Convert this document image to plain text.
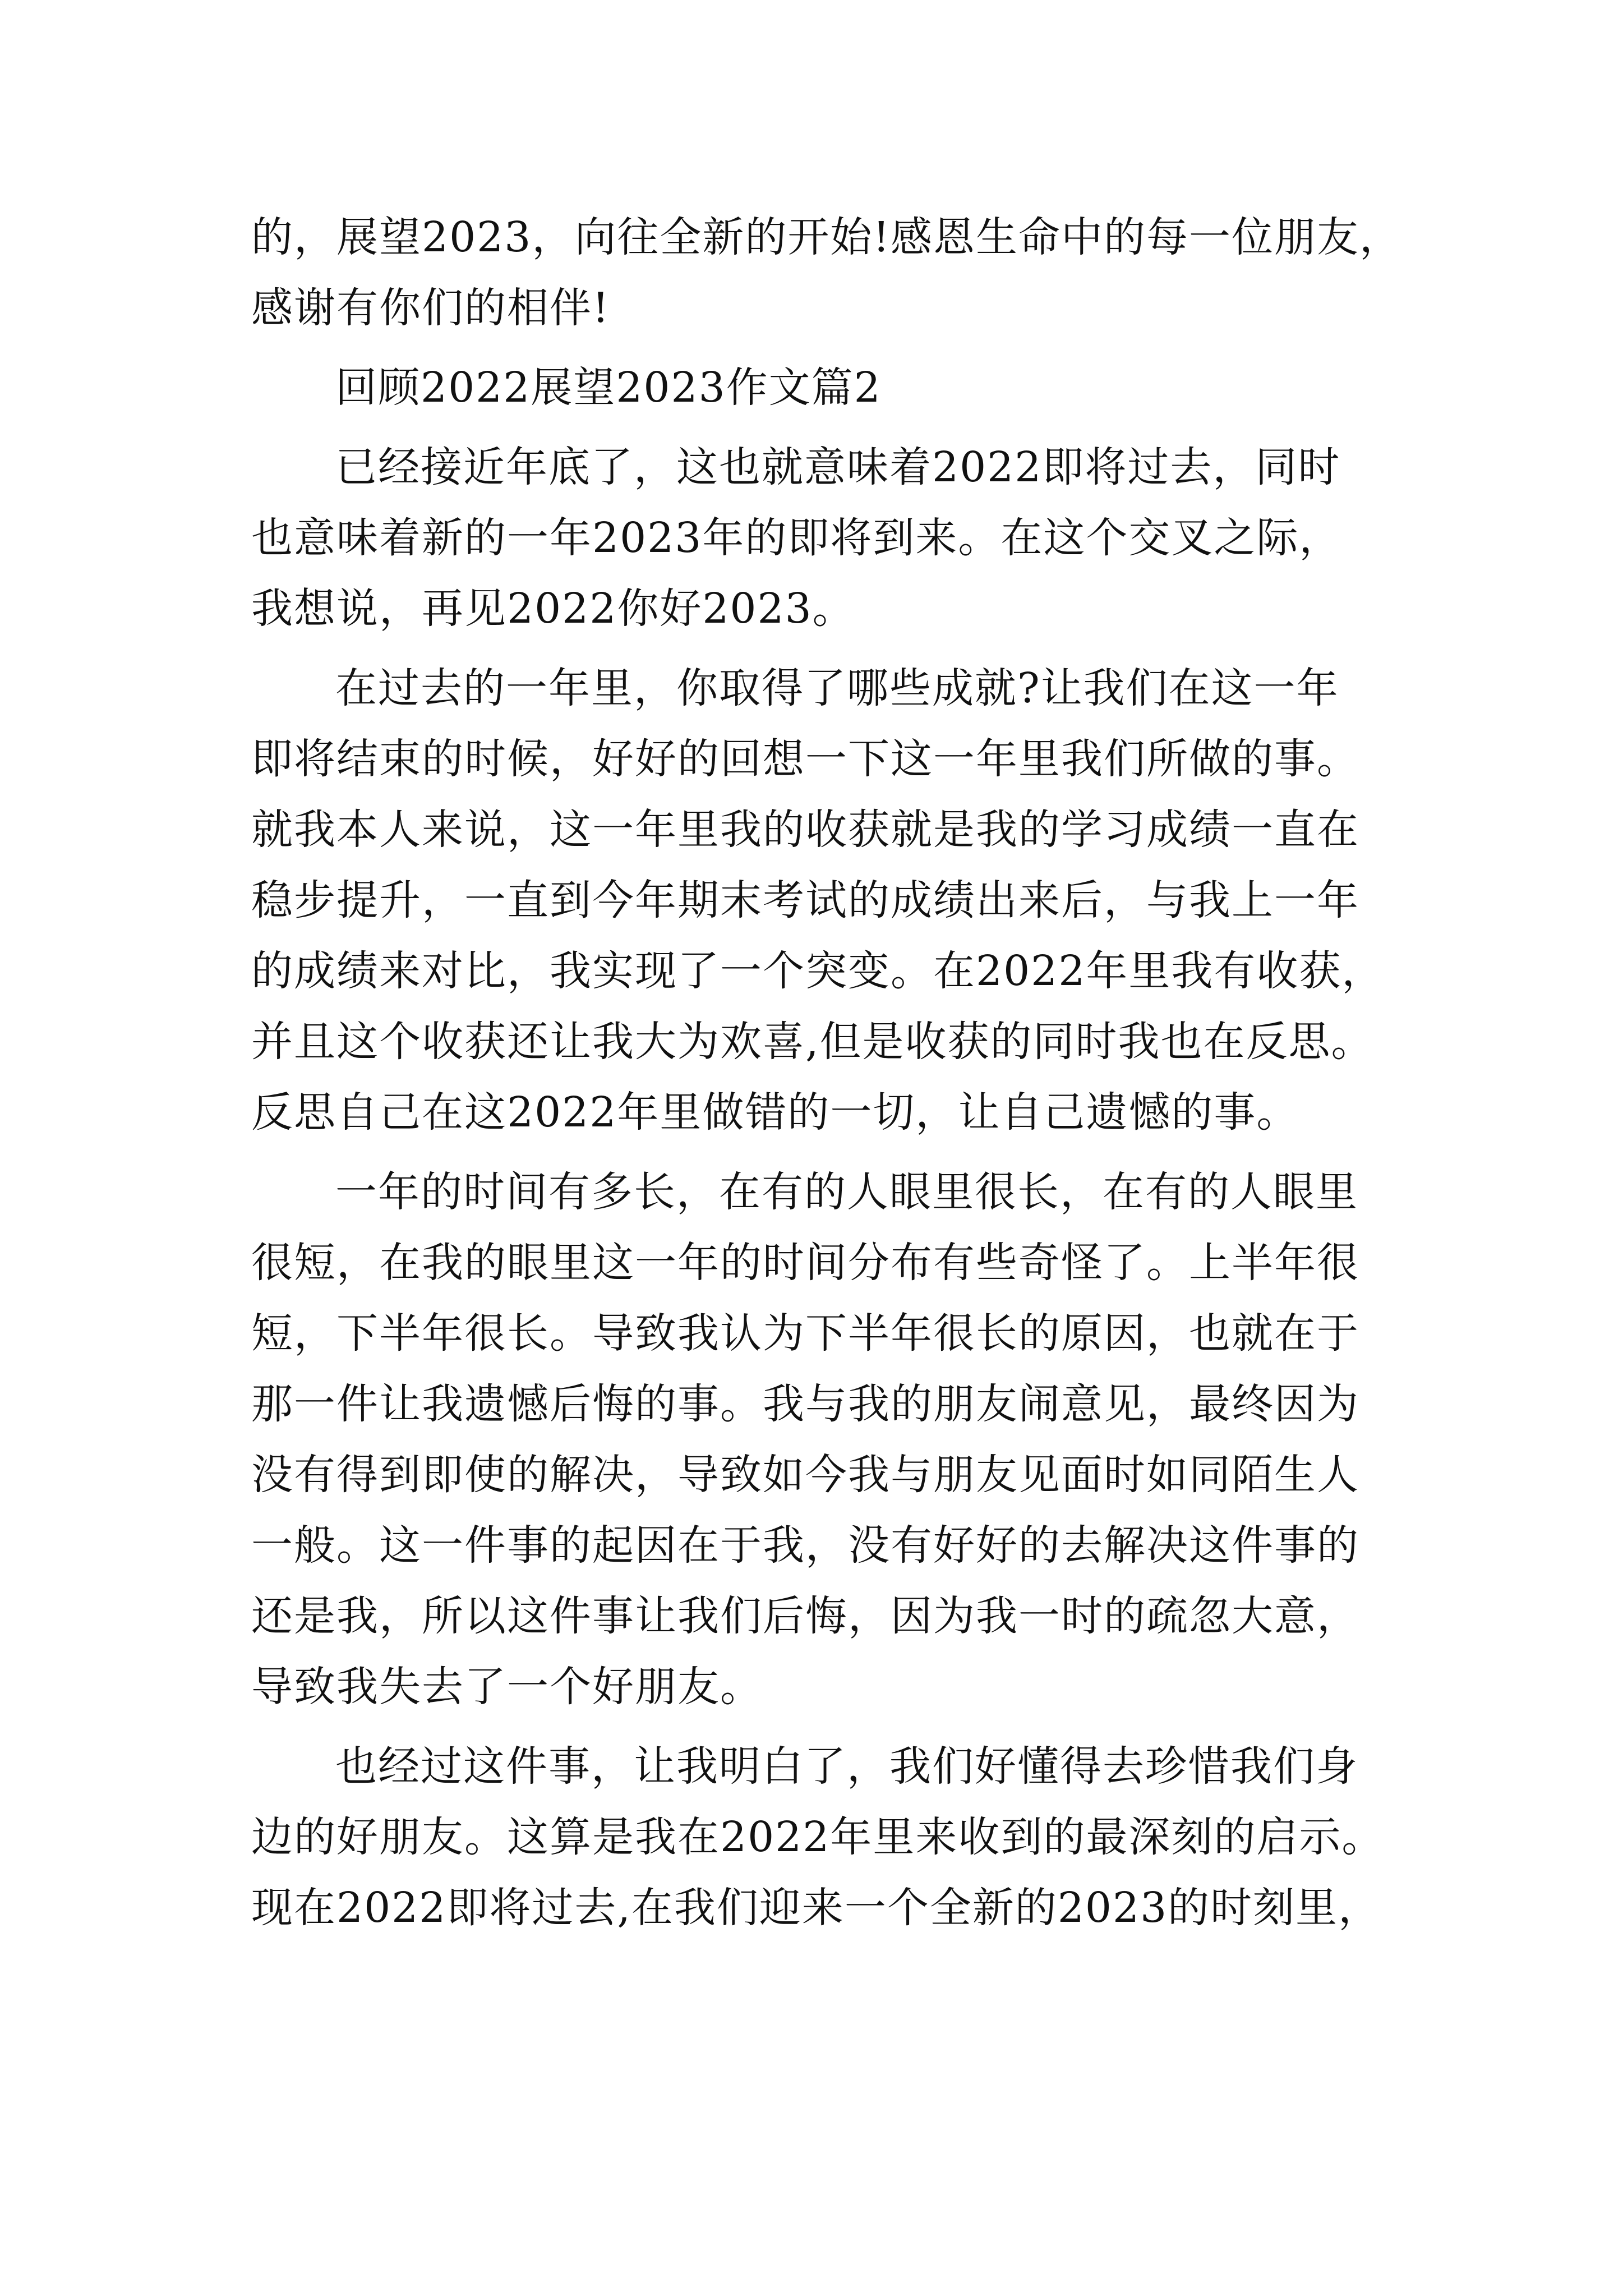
的，展望2023，向往全新的开始!感恩生命中的每一位朋友，
感谢有你们的相伴!
回顾2022展望2023作文篇2
已经接近年底了，这也就意味着2022即将过去，同时
也意味着新的一年2023年的即将到来。在这个交叉之际，
我想说，再见2022你好2023。
在过去的一年里，你取得了哪些成就?让我们在这一年
即将结束的时候，好好的回想一下这一年里我们所做的事。
就我本人来说，这一年里我的收获就是我的学习成绩一直在
稳步提升，一直到今年期末考试的成绩出来后，与我上一年
的成绩来对比，我实现了一个突变。在2022年里我有收获，
并且这个收获还让我大为欢喜,但是收获的同时我也在反思。
反思自己在这2022年里做错的一切，让自己遗憾的事。
一年的时间有多长，在有的人眼里很长，在有的人眼里
很短，在我的眼里这一年的时间分布有些奇怪了。上半年很
短，下半年很长。导致我认为下半年很长的原因，也就在于
那一件让我遗憾后悔的事。我与我的朋友闹意见，最终因为
没有得到即使的解决，导致如今我与朋友见面时如同陌生人
一般。这一件事的起因在于我，没有好好的去解决这件事的
还是我，所以这件事让我们后悔，因为我一时的疏忽大意，
导致我失去了一个好朋友。
也经过这件事，让我明白了，我们好懂得去珍惜我们身
边的好朋友。这算是我在2022年里来收到的最深刻的启示。
现在2022即将过去,在我们迎来一个全新的2023的时刻里，
